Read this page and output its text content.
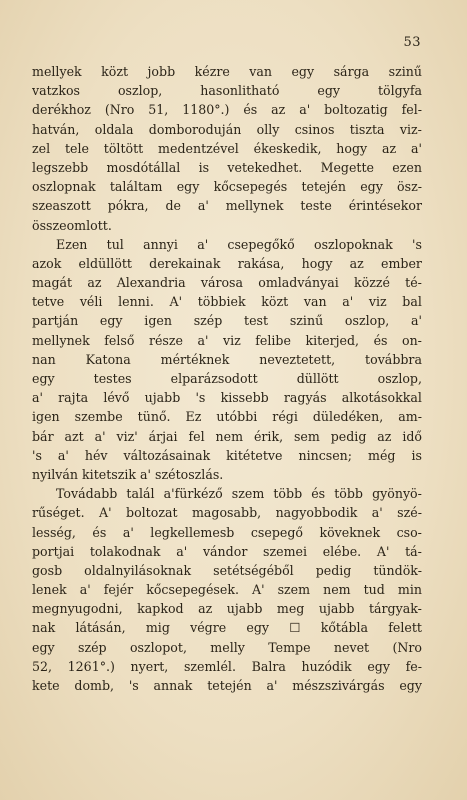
53
mellyek közt jobb kézre van egy sárga szinű
vatzkos	oszlop,	hasonlitható	egy	tölgyfa
derékhoz (Nro 51, 1180°.) és az a' boltozatig fel-
hatván, oldala domboroduján olly csinos tiszta viz-
zel tele töltött medentzével ékeskedik, hogy az a'
legszebb mosdótállal is vetekedhet. Megette ezen
oszlopnak találtam egy kőcsepegés tetején egy ösz-
szeaszott pókra, de a' mellynek teste érintésekor
összeomlott.
Ezen tul annyi a' csepegőkő oszlopoknak 's
azok eldüllött derekainak rakása, hogy az ember
magát az Alexandria városa omladványai közzé té-
tetve véli lenni. A' többiek közt van a' viz bal
partján egy igen szép test szinű oszlop, a'
mellynek felső része a' viz felibe kiterjed, és on-
nan Katona mértéknek neveztetett, továbbra
egy	testes	elparázsodott	düllött	oszlop,
a' rajta lévő ujabb 's kissebb ragyás alkotásokkal
igen szembe tünő. Ez utóbbi régi düledéken, am-
bár azt a' viz' árjai fel nem érik, sem pedig az idő
's a' hév változásainak kitétetve nincsen; még is
nyilván kitetszik a' szétoszlás.
Továdabb talál a'fürkéző szem több és több gyönyö-
rűséget. A' boltozat magosabb, nagyobbodik a' szé-
lesség, és a' legkellemesb csepegő köveknek cso-
portjai tolakodnak a' vándor szemei elébe. A' tá-
gosb oldalnyilásoknak setétségéből pedig tündök-
lenek a' fejér kőcsepegések. A' szem nem tud min
megnyugodni, kapkod az ujabb meg ujabb tárgyak-
nak látásán, mig végre egy ☐ kőtábla felett
egy szép oszlopot, melly Tempe nevet (Nro
52, 1261°.) nyert, szemlél. Balra huzódik egy fe-
kete domb, 's annak tetején a' mészszivárgás egy
